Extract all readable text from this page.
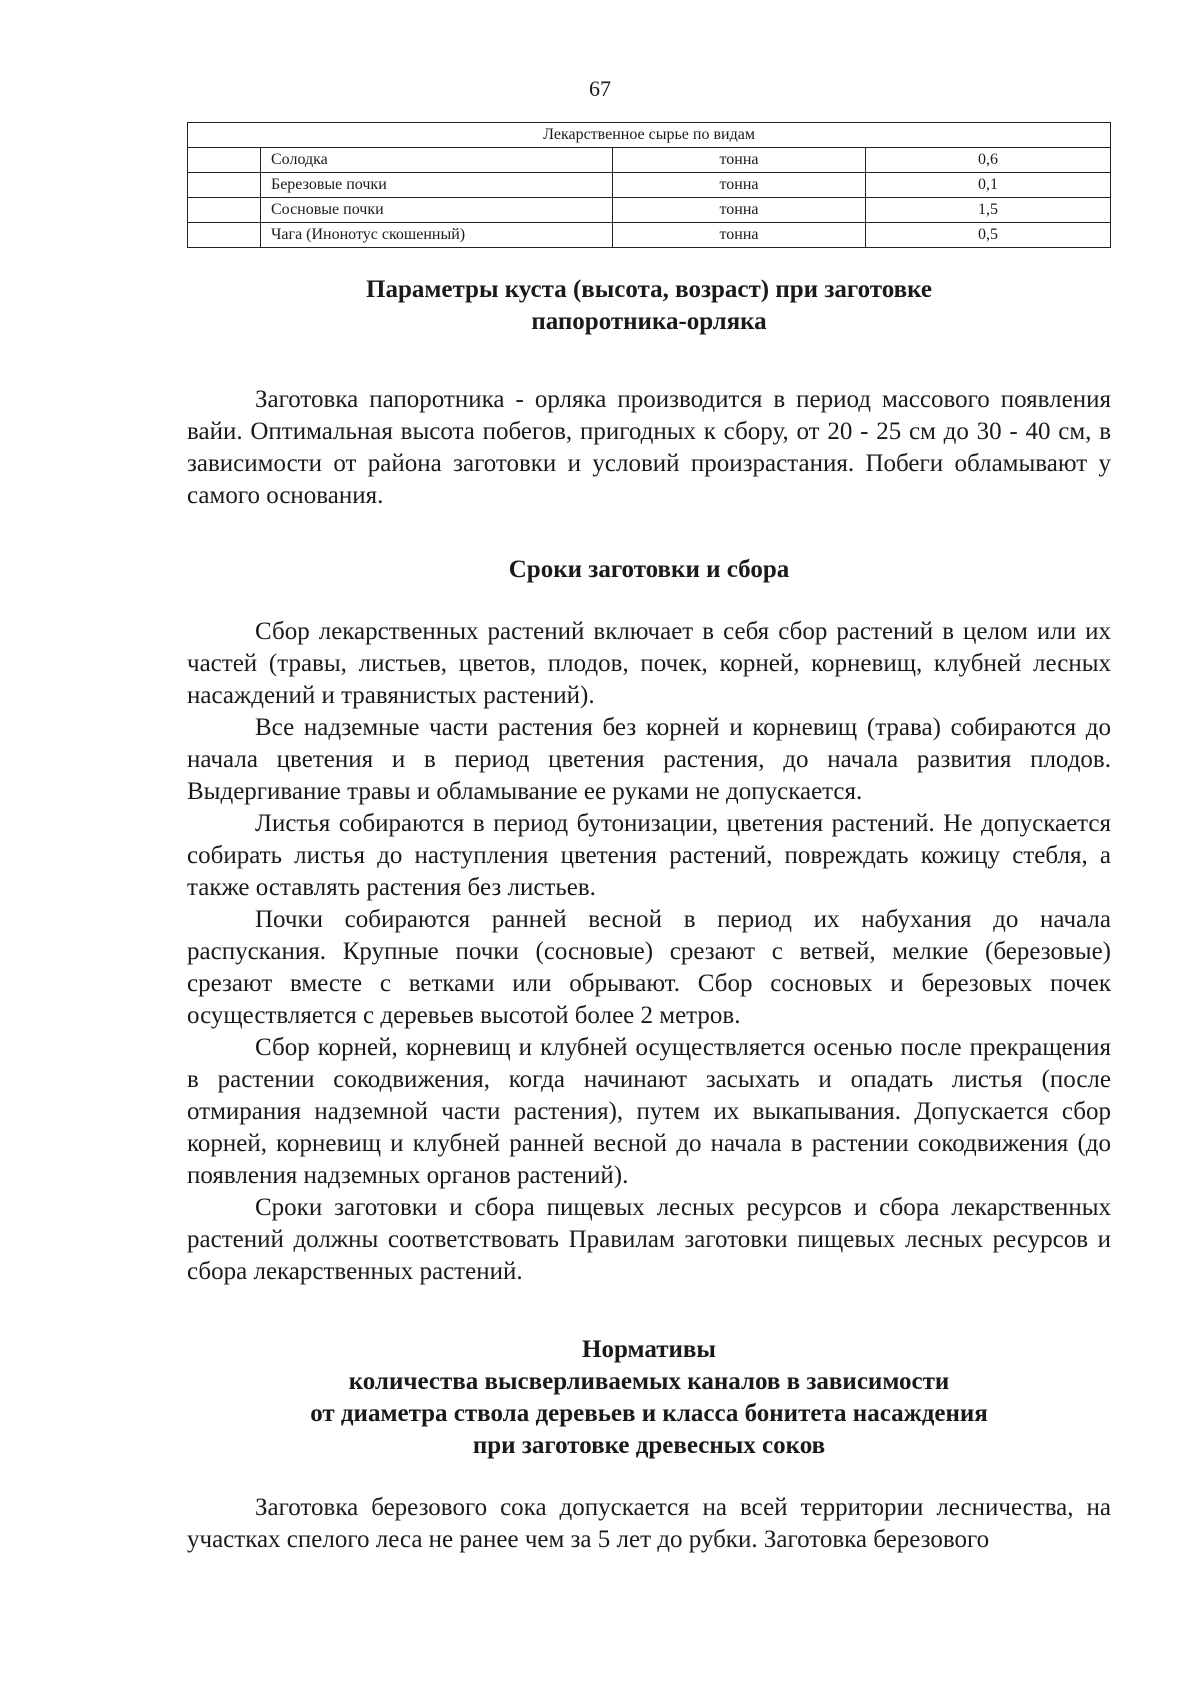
67
Лекарственное сырье по видам			
	Солодка	тонна	0,6
	Березовые почки	тонна	0,1
	Сосновые почки	тонна	1,5
	Чага (Инонотус скошенный)	тонна	0,5
Параметры куста (высота, возраст) при заготовке
папоротника-орляка

Заготовка папоротника - орляка производится в период массового появления вайи. Оптимальная высота побегов, пригодных к сбору, от 20 - 25 см до 30 - 40 см, в зависимости от района заготовки и условий произрастания. Побеги обламывают у самого основания.

Сроки заготовки и сбора

Сбор лекарственных растений включает в себя сбор растений в целом или их частей (травы, листьев, цветов, плодов, почек, корней, корневищ, клубней лесных насаждений и травянистых растений).

Все надземные части растения без корней и корневищ (трава) собираются до начала цветения и в период цветения растения, до начала развития плодов. Выдергивание травы и обламывание ее руками не допускается.

Листья собираются в период бутонизации, цветения растений. Не допускается собирать листья до наступления цветения растений, повреждать кожицу стебля, а также оставлять растения без листьев.

Почки собираются ранней весной в период их набухания до начала распускания. Крупные почки (сосновые) срезают с ветвей, мелкие (березовые) срезают вместе с ветками или обрывают. Сбор сосновых и березовых почек осуществляется с деревьев высотой более 2 метров.

Сбор корней, корневищ и клубней осуществляется осенью после прекращения в растении сокодвижения, когда начинают засыхать и опадать листья (после отмирания надземной части растения), путем их выкапывания. Допускается сбор корней, корневищ и клубней ранней весной до начала в растении сокодвижения (до появления надземных органов растений).

Сроки заготовки и сбора пищевых лесных ресурсов и сбора лекарственных растений должны соответствовать Правилам заготовки пищевых лесных ресурсов и сбора лекарственных растений.

Нормативы
количества высверливаемых каналов в зависимости
от диаметра ствола деревьев и класса бонитета насаждения
при заготовке древесных соков

Заготовка березового сока допускается на всей территории лесничества, на участках спелого леса не ранее чем за 5 лет до рубки. Заготовка березового
